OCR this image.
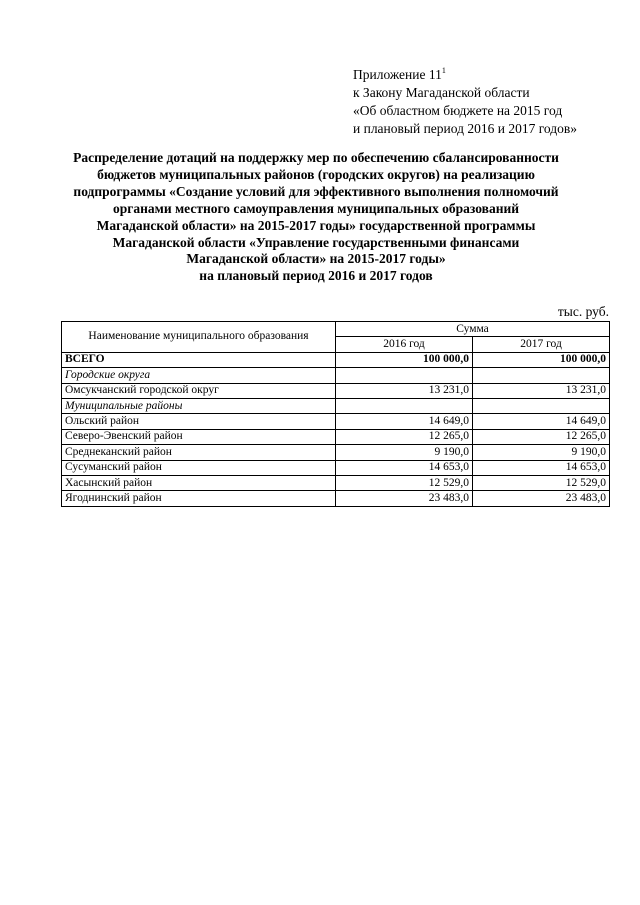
Приложение $11^1$
к Закону Магаданской области
«Об областном бюджете на 2015 год
и плановый период 2016 и 2017 годов»
Распределение дотаций на поддержку мер по обеспечению сбалансированности
бюджетов муниципальных районов (городских округов) на реализацию
подпрограммы «Создание условий для эффективного выполнения полномочий
органами местного самоуправления муниципальных образований
Магаданской области» на 2015-2017 годы» государственной программы
Магаданской области «Управление государственными финансами
Магаданской области» на 2015-2017 годы»
на плановый период 2016 и 2017 годов
тыс. руб.
Наименование муниципального образования	Сумма	
	2016 год	2017 год
ВСЕГО	100 000,0	100 000,0
Городские округа		
Омсукчанский городской округ	13 231,0	13 231,0
Муниципальные районы		
Ольский район	14 649,0	14 649,0
Северо-Эвенский район	12 265,0	12 265,0
Среднеканский район	9 190,0	9 190,0
Сусуманский район	14 653,0	14 653,0
Хасынский район	12 529,0	12 529,0
Ягоднинский район	23 483,0	23 483,0
